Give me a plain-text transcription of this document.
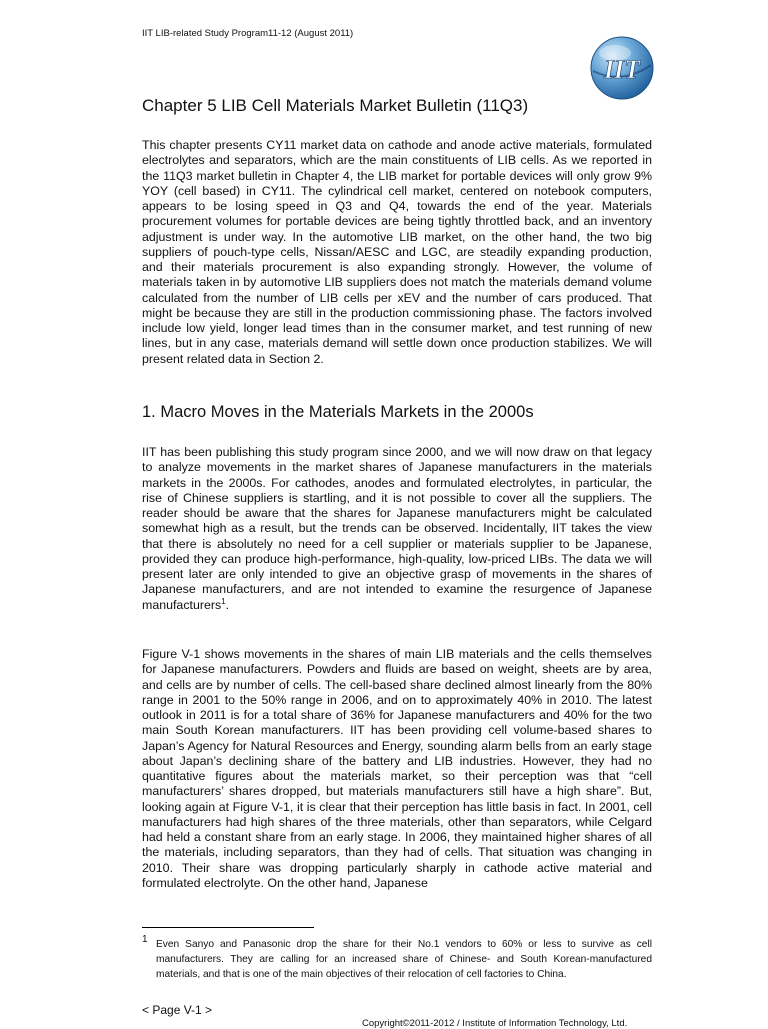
IIT LIB-related Study Program11-12 (August 2011)
IIT
Chapter 5 LIB Cell Materials Market Bulletin (11Q3)

This chapter presents CY11 market data on cathode and anode active materials, formulated electrolytes and separators, which are the main constituents of LIB cells. As we reported in the 11Q3 market bulletin in Chapter 4, the LIB market for portable devices will only grow 9% YOY (cell based) in CY11. The cylindrical cell market, centered on notebook computers, appears to be losing speed in Q3 and Q4, towards the end of the year. Materials procurement volumes for portable devices are being tightly throttled back, and an inventory adjustment is under way. In the automotive LIB market, on the other hand, the two big suppliers of pouch-type cells, Nissan/AESC and LGC, are steadily expanding production, and their materials procurement is also expanding strongly. However, the volume of materials taken in by automotive LIB suppliers does not match the materials demand volume calculated from the number of LIB cells per xEV and the number of cars produced. That might be because they are still in the production commissioning phase. The factors involved include low yield, longer lead times than in the consumer market, and test running of new lines, but in any case, materials demand will settle down once production stabilizes. We will present related data in Section 2.

1. Macro Moves in the Materials Markets in the 2000s

IIT has been publishing this study program since 2000, and we will now draw on that legacy to analyze movements in the market shares of Japanese manufacturers in the materials markets in the 2000s. For cathodes, anodes and formulated electrolytes, in particular, the rise of Chinese suppliers is startling, and it is not possible to cover all the suppliers. The reader should be aware that the shares for Japanese manufacturers might be calculated somewhat high as a result, but the trends can be observed. Incidentally, IIT takes the view that there is absolutely no need for a cell supplier or materials supplier to be Japanese, provided they can produce high-performance, high-quality, low-priced LIBs. The data we will present later are only intended to give an objective grasp of movements in the shares of Japanese manufacturers, and are not intended to examine the resurgence of Japanese manufacturers$^1$.

Figure V-1 shows movements in the shares of main LIB materials and the cells themselves for Japanese manufacturers. Powders and fluids are based on weight, sheets are by area, and cells are by number of cells. The cell-based share declined almost linearly from the 80% range in 2001 to the 50% range in 2006, and on to approximately 40% in 2010. The latest outlook in 2011 is for a total share of 36% for Japanese manufacturers and 40% for the two main South Korean manufacturers. IIT has been providing cell volume-based shares to Japan’s Agency for Natural Resources and Energy, sounding alarm bells from an early stage about Japan’s declining share of the battery and LIB industries. However, they had no quantitative figures about the materials market, so their perception was that “cell manufacturers’ shares dropped, but materials manufacturers still have a high share”. But, looking again at Figure V-1, it is clear that their perception has little basis in fact. In 2001, cell manufacturers had high shares of the three materials, other than separators, while Celgard had held a constant share from an early stage. In 2006, they maintained higher shares of all the materials, including separators, than they had of cells. That situation was changing in 2010. Their share was dropping particularly sharply in cathode active material and formulated electrolyte. On the other hand, Japanese

1 Even Sanyo and Panasonic drop the share for their No.1 vendors to 60% or less to survive as cell manufacturers. They are calling for an increased share of Chinese- and South Korean-manufactured materials, and that is one of the main objectives of their relocation of cell factories to China.

< Page V-1 >
Copyright©2011-2012 / Institute of Information Technology, Ltd.
